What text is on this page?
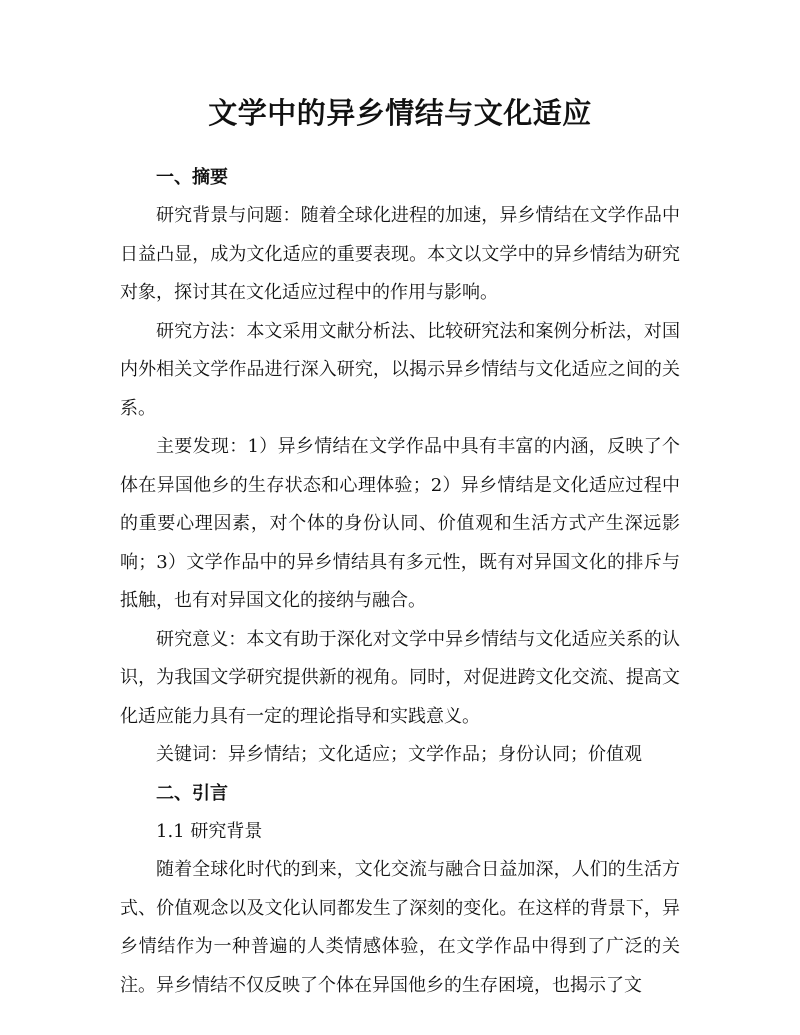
文学中的异乡情结与文化适应
一、摘要

研究背景与问题：随着全球化进程的加速，异乡情结在文学作品中日益凸显，成为文化适应的重要表现。本文以文学中的异乡情结为研究对象，探讨其在文化适应过程中的作用与影响。

研究方法：本文采用文献分析法、比较研究法和案例分析法，对国内外相关文学作品进行深入研究，以揭示异乡情结与文化适应之间的关系。

主要发现：1）异乡情结在文学作品中具有丰富的内涵，反映了个体在异国他乡的生存状态和心理体验；2）异乡情结是文化适应过程中的重要心理因素，对个体的身份认同、价值观和生活方式产生深远影响；3）文学作品中的异乡情结具有多元性，既有对异国文化的排斥与抵触，也有对异国文化的接纳与融合。

研究意义：本文有助于深化对文学中异乡情结与文化适应关系的认识，为我国文学研究提供新的视角。同时，对促进跨文化交流、提高文化适应能力具有一定的理论指导和实践意义。

关键词：异乡情结；文化适应；文学作品；身份认同；价值观

二、引言

1.1 研究背景

随着全球化时代的到来，文化交流与融合日益加深，人们的生活方式、价值观念以及文化认同都发生了深刻的变化。在这样的背景下，异乡情结作为一种普遍的人类情感体验，在文学作品中得到了广泛的关注。异乡情结不仅反映了个体在异国他乡的生存困境，也揭示了文
